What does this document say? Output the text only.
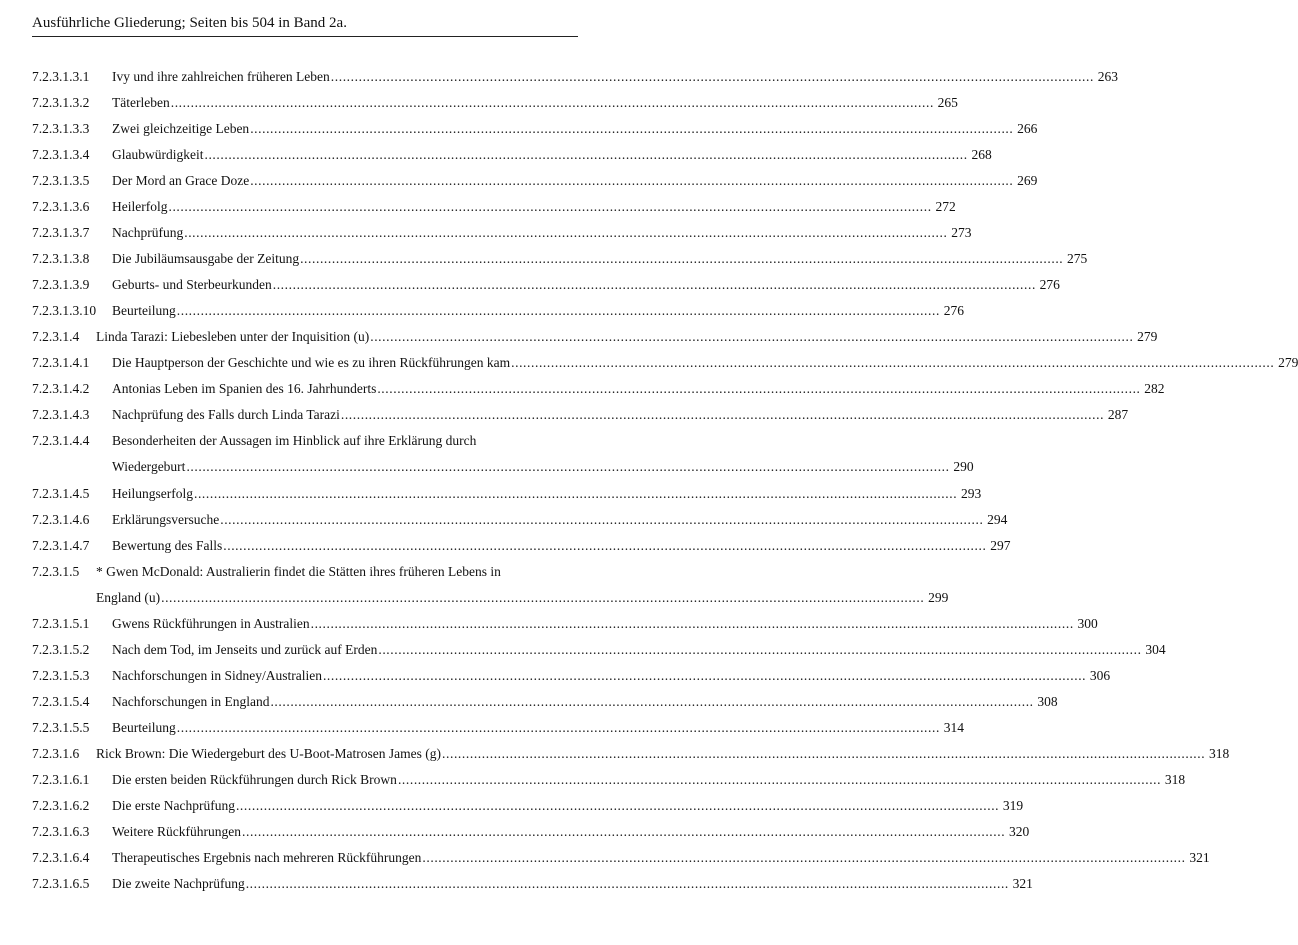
Ausführliche Gliederung; Seiten bis 504 in Band 2a.
7.2.3.1.3.1 Ivy und ihre zahlreichen früheren Leben .....	263
7.2.3.1.3.2 Täterleben .....	265
7.2.3.1.3.3 Zwei gleichzeitige Leben .....	266
7.2.3.1.3.4 Glaubwürdigkeit .....	268
7.2.3.1.3.5 Der Mord an Grace Doze .....	269
7.2.3.1.3.6 Heilerfolg .....	272
7.2.3.1.3.7 Nachprüfung .....	273
7.2.3.1.3.8 Die Jubiläumsausgabe der Zeitung .....	275
7.2.3.1.3.9 Geburts- und Sterbeurkunden .....	276
7.2.3.1.3.10 Beurteilung .....	276
7.2.3.1.4 Linda Tarazi: Liebesleben unter der Inquisition (u) .....	279
7.2.3.1.4.1 Die Hauptperson der Geschichte und wie es zu ihren Rückführungen kam .....	279
7.2.3.1.4.2 Antonias Leben im Spanien des 16. Jahrhunderts .....	282
7.2.3.1.4.3 Nachprüfung des Falls durch Linda Tarazi .....	287
7.2.3.1.4.4 Besonderheiten der Aussagen im Hinblick auf ihre Erklärung durch
Wiedergeburt .....	290
7.2.3.1.4.5 Heilungserfolg .....	293
7.2.3.1.4.6 Erklärungsversuche .....	294
7.2.3.1.4.7 Bewertung des Falls .....	297
7.2.3.1.5 * Gwen McDonald: Australierin findet die Stätten ihres früheren Lebens in
England (u) .....	299
7.2.3.1.5.1 Gwens Rückführungen in Australien .....	300
7.2.3.1.5.2 Nach dem Tod, im Jenseits und zurück auf Erden .....	304
7.2.3.1.5.3 Nachforschungen in Sidney/Australien .....	306
7.2.3.1.5.4 Nachforschungen in England .....	308
7.2.3.1.5.5 Beurteilung .....	314
7.2.3.1.6 Rick Brown: Die Wiedergeburt des U-Boot-Matrosen James (g) .....	318
7.2.3.1.6.1 Die ersten beiden Rückführungen durch Rick Brown .....	318
7.2.3.1.6.2 Die erste Nachprüfung .....	319
7.2.3.1.6.3 Weitere Rückführungen .....	320
7.2.3.1.6.4 Therapeutisches Ergebnis nach mehreren Rückführungen .....	321
7.2.3.1.6.5 Die zweite Nachprüfung .....	321
